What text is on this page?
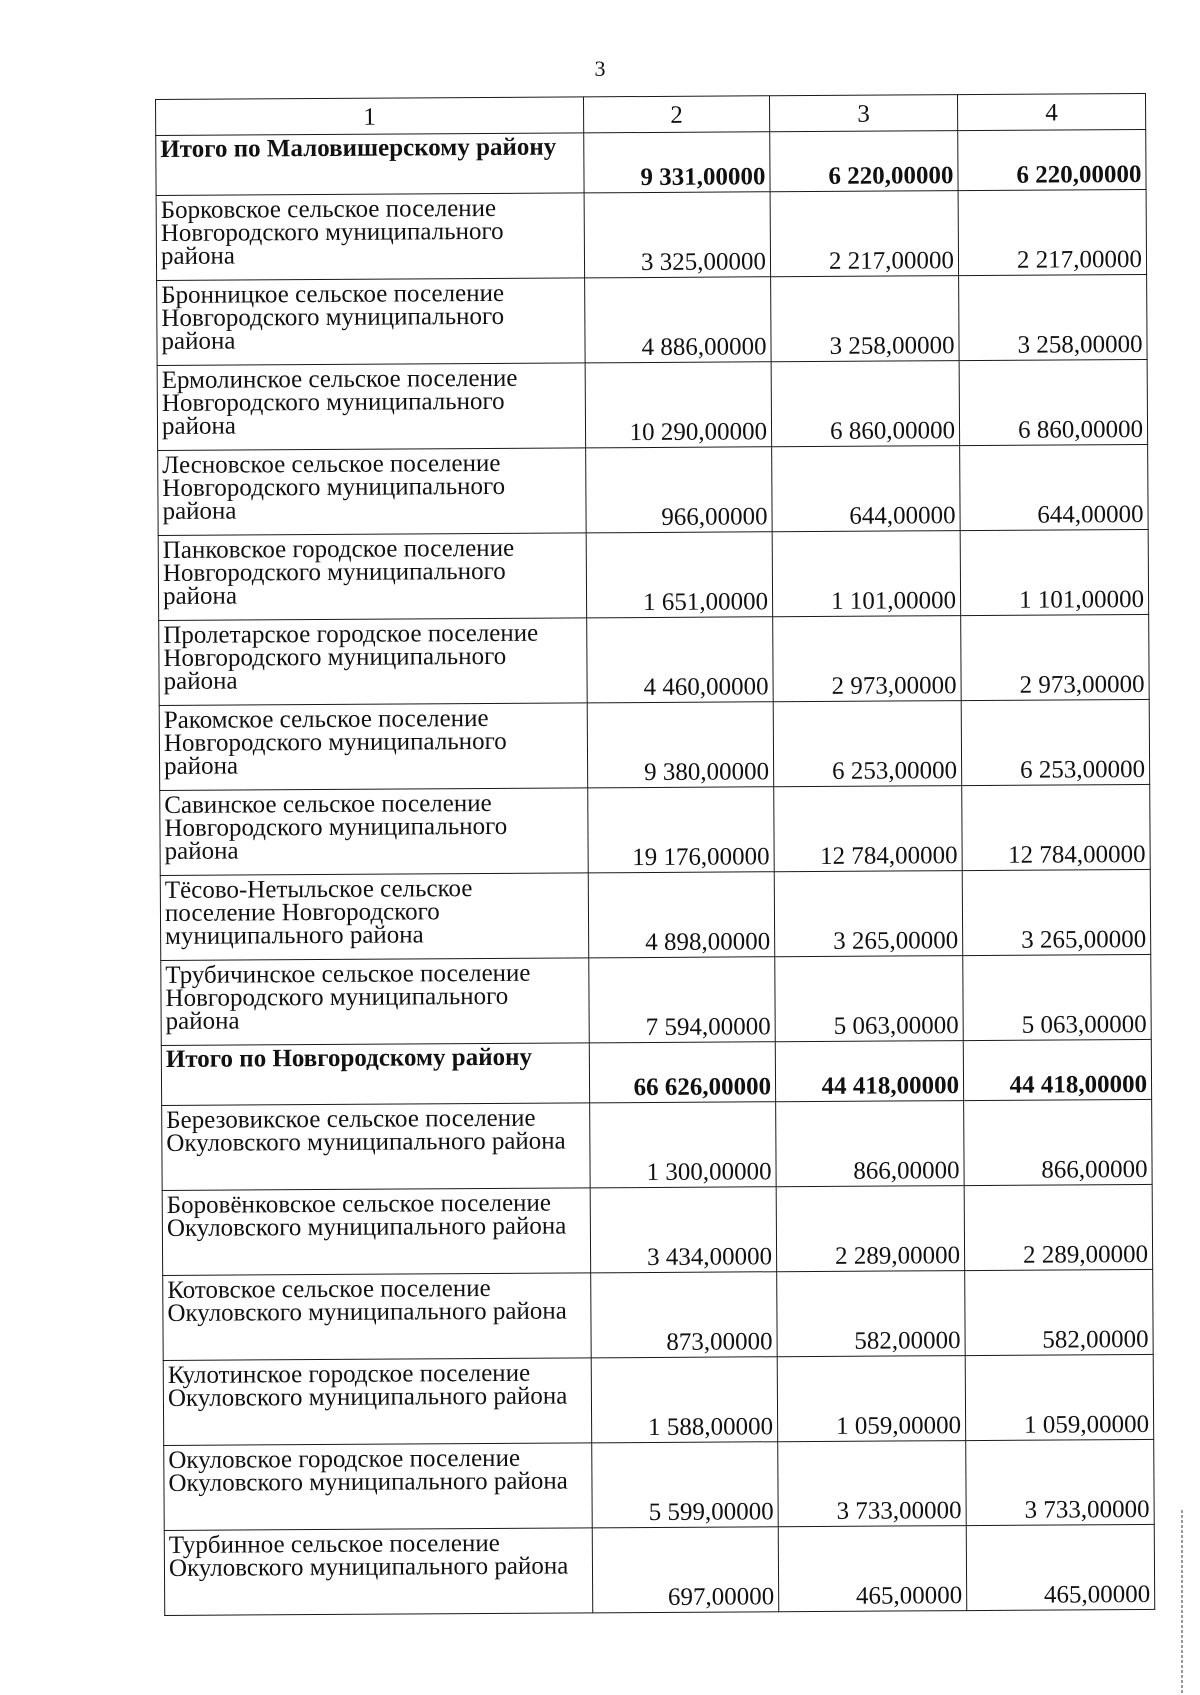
3
1	2	3	4
Итого по Маловишерскому району	9 331,00000	6 220,00000	6 220,00000
Борковское сельское поселение Новгородского муниципального района	3 325,00000	2 217,00000	2 217,00000
Бронницкое сельское поселение Новгородского муниципального района	4 886,00000	3 258,00000	3 258,00000
Ермолинское сельское поселение Новгородского муниципального района	10 290,00000	6 860,00000	6 860,00000
Лесновское сельское поселение Новгородского муниципального района	966,00000	644,00000	644,00000
Панковское городское поселение Новгородского муниципального района	1 651,00000	1 101,00000	1 101,00000
Пролетарское городское поселение Новгородского муниципального района	4 460,00000	2 973,00000	2 973,00000
Ракомское сельское поселение Новгородского муниципального района	9 380,00000	6 253,00000	6 253,00000
Савинское сельское поселение Новгородского муниципального района	19 176,00000	12 784,00000	12 784,00000
Тёсово-Нетыльское сельское поселение Новгородского муниципального района	4 898,00000	3 265,00000	3 265,00000
Трубичинское сельское поселение Новгородского муниципального района	7 594,00000	5 063,00000	5 063,00000
Итого по Новгородскому району	66 626,00000	44 418,00000	44 418,00000
Березовикское сельское поселение Окуловского муниципального района	1 300,00000	866,00000	866,00000
Боровёнковское сельское поселение Окуловского муниципального района	3 434,00000	2 289,00000	2 289,00000
Котовское сельское поселение Окуловского муниципального района	873,00000	582,00000	582,00000
Кулотинское городское поселение Окуловского муниципального района	1 588,00000	1 059,00000	1 059,00000
Окуловское городское поселение Окуловского муниципального района	5 599,00000	3 733,00000	3 733,00000
Турбинное сельское поселение Окуловского муниципального района	697,00000	465,00000	465,00000
